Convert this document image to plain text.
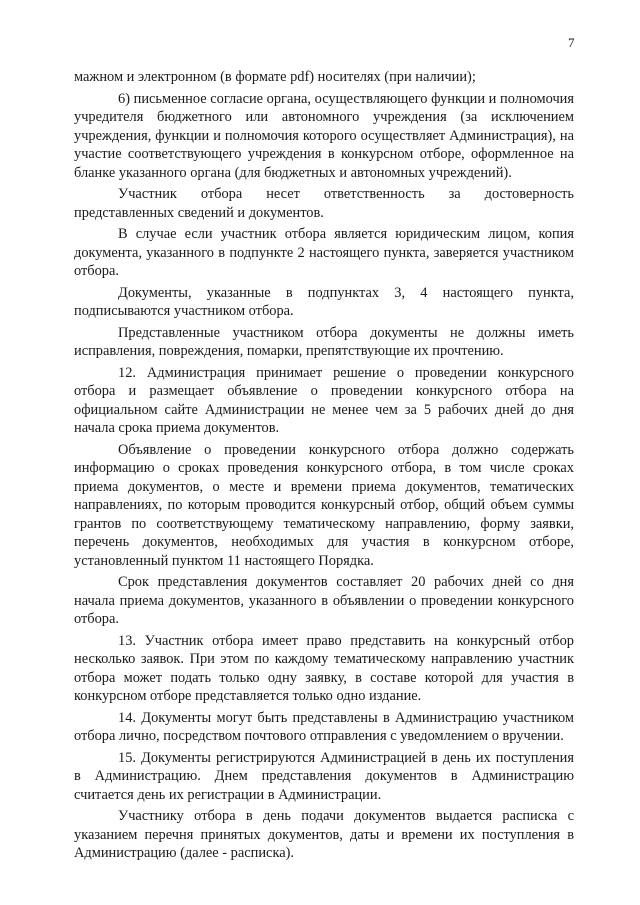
7

мажном и электронном (в формате pdf) носителях (при наличии);

6) письменное согласие органа, осуществляющего функции и полномочия учредителя бюджетного или автономного учреждения (за исключением учреждения, функции и полномочия которого осуществляет Администрация), на участие соответствующего учреждения в конкурсном отборе, оформленное на бланке указанного органа (для бюджетных и автономных учреждений).

Участник отбора несет ответственность за достоверность представленных сведений и документов.

В случае если участник отбора является юридическим лицом, копия документа, указанного в подпункте 2 настоящего пункта, заверяется участником отбора.

Документы, указанные в подпунктах 3, 4 настоящего пункта, подписываются участником отбора.

Представленные участником отбора документы не должны иметь исправления, повреждения, помарки, препятствующие их прочтению.

12. Администрация принимает решение о проведении конкурсного отбора и размещает объявление о проведении конкурсного отбора на официальном сайте Администрации не менее чем за 5 рабочих дней до дня начала срока приема документов.

Объявление о проведении конкурсного отбора должно содержать информацию о сроках проведения конкурсного отбора, в том числе сроках приема документов, о месте и времени приема документов, тематических направлениях, по которым проводится конкурсный отбор, общий объем суммы грантов по соответствующему тематическому направлению, форму заявки, перечень документов, необходимых для участия в конкурсном отборе, установленный пунктом 11 настоящего Порядка.

Срок представления документов составляет 20 рабочих дней со дня начала приема документов, указанного в объявлении о проведении конкурсного отбора.

13. Участник отбора имеет право представить на конкурсный отбор несколько заявок. При этом по каждому тематическому направлению участник отбора может подать только одну заявку, в составе которой для участия в конкурсном отборе представляется только одно издание.

14. Документы могут быть представлены в Администрацию участником отбора лично, посредством почтового отправления с уведомлением о вручении.

15. Документы регистрируются Администрацией в день их поступления в Администрацию. Днем представления документов в Администрацию считается день их регистрации в Администрации.

Участнику отбора в день подачи документов выдается расписка с указанием перечня принятых документов, даты и времени их поступления в Администрацию (далее - расписка).
